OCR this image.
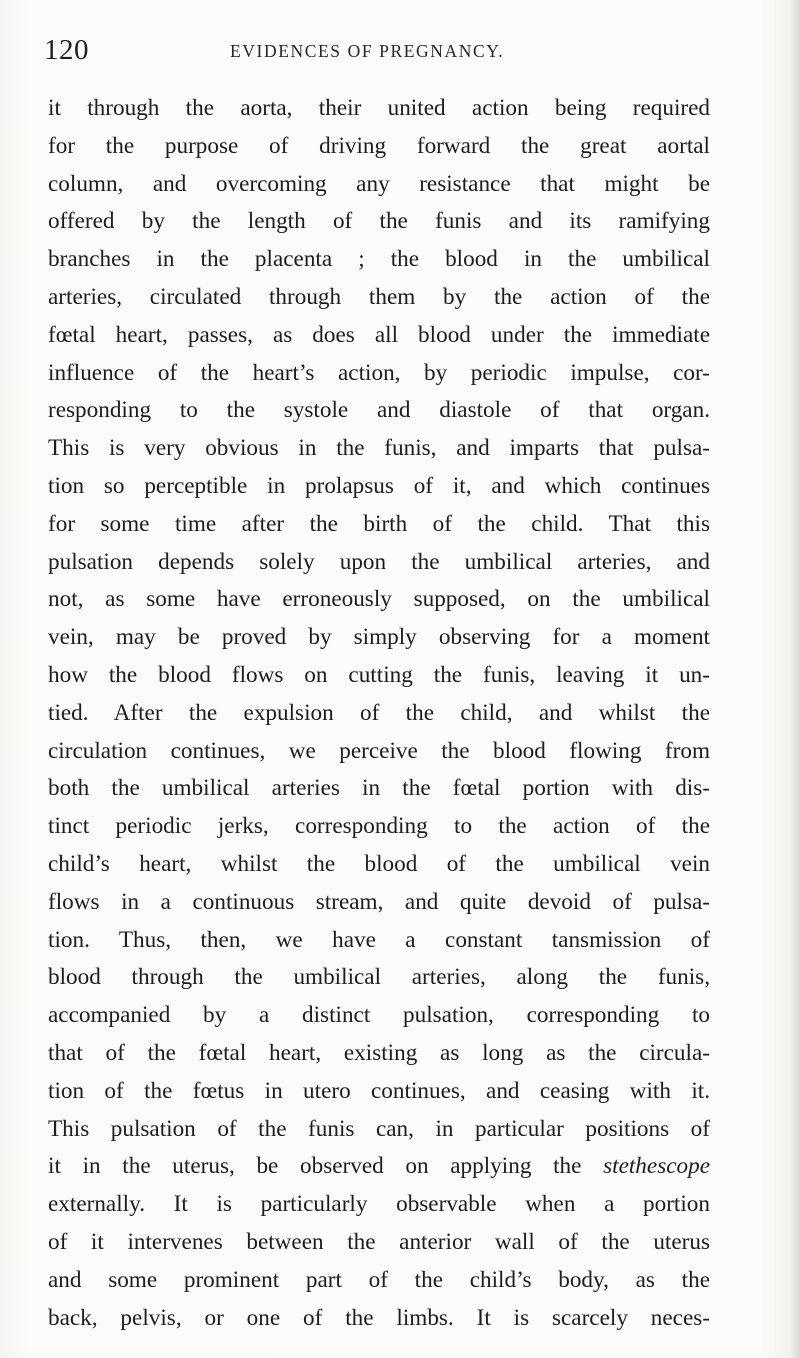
120	EVIDENCES OF PREGNANCY.
it through the aorta, their united action being required
for the purpose of driving forward the great aortal
column, and overcoming any resistance that might be
offered by the length of the funis and its ramifying
branches in the placenta ; the blood in the umbilical
arteries, circulated through them by the action of the
fœtal heart, passes, as does all blood under the immediate
influence of the heart’s action, by periodic impulse, cor-
responding to the systole and diastole of that organ.
This is very obvious in the funis, and imparts that pulsa-
tion so perceptible in prolapsus of it, and which continues
for some time after the birth of the child. That this
pulsation depends solely upon the umbilical arteries, and
not, as some have erroneously supposed, on the umbilical
vein, may be proved by simply observing for a moment
how the blood flows on cutting the funis, leaving it un-
tied. After the expulsion of the child, and whilst the
circulation continues, we perceive the blood flowing from
both the umbilical arteries in the fœtal portion with dis-
tinct periodic jerks, corresponding to the action of the
child’s heart, whilst the blood of the umbilical vein
flows in a continuous stream, and quite devoid of pulsa-
tion. Thus, then, we have a constant tansmission of
blood through the umbilical arteries, along the funis,
accompanied by a distinct pulsation, corresponding to
that of the fœtal heart, existing as long as the circula-
tion of the fœtus in utero continues, and ceasing with it.
This pulsation of the funis can, in particular positions of
it in the uterus, be observed on applying the stethescope
externally. It is particularly observable when a portion
of it intervenes between the anterior wall of the uterus
and some prominent part of the child’s body, as the
back, pelvis, or one of the limbs. It is scarcely neces-
